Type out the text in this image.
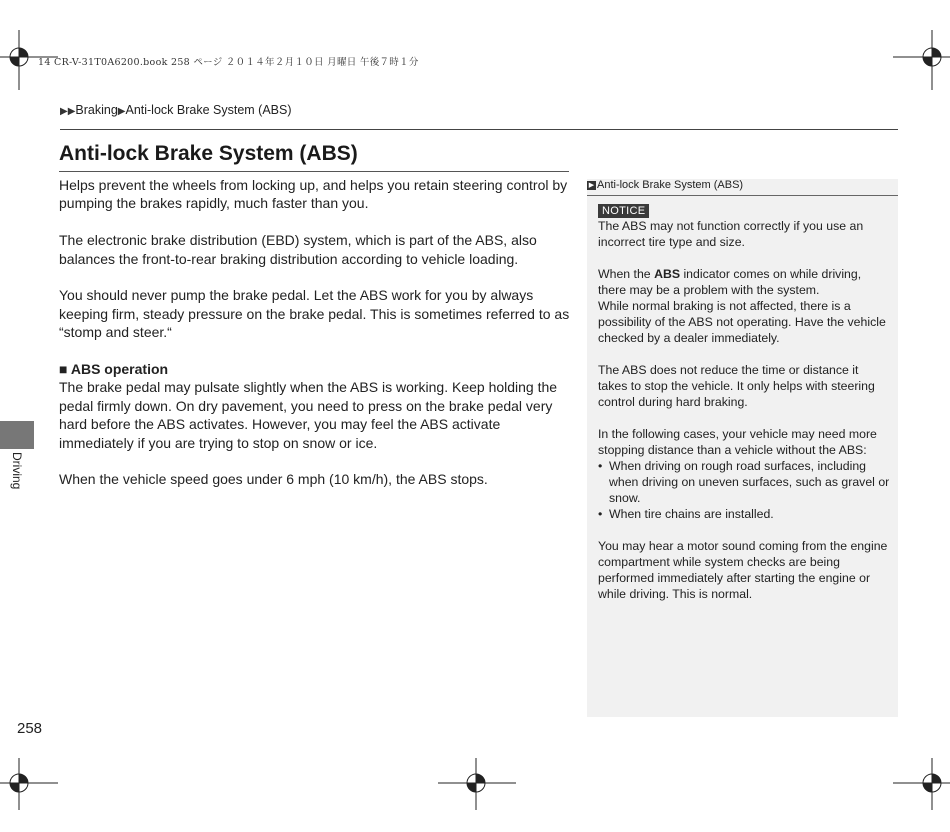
14 CR-V-31T0A6200.book 258 ページ ２０１４年２月１０日 月曜日 午後７時１分
▶▶Braking▶Anti-lock Brake System (ABS)
Anti-lock Brake System (ABS)

Helps prevent the wheels from locking up, and helps you retain steering control by pumping the brakes rapidly, much faster than you.

The electronic brake distribution (EBD) system, which is part of the ABS, also balances the front-to-rear braking distribution according to vehicle loading.

You should never pump the brake pedal. Let the ABS work for you by always keeping firm, steady pressure on the brake pedal. This is sometimes referred to as “stomp and steer.“

■ ABS operation

The brake pedal may pulsate slightly when the ABS is working. Keep holding the pedal firmly down. On dry pavement, you need to press on the brake pedal very hard before the ABS activates. However, you may feel the ABS activate immediately if you are trying to stop on snow or ice.

When the vehicle speed goes under 6 mph (10 km/h), the ABS stops.

Driving
▶ Anti-lock Brake System (ABS)
NOTICE

The ABS may not function correctly if you use an incorrect tire type and size.

When the ABS indicator comes on while driving, there may be a problem with the system.

While normal braking is not affected, there is a possibility of the ABS not operating. Have the vehicle checked by a dealer immediately.

The ABS does not reduce the time or distance it takes to stop the vehicle. It only helps with steering control during hard braking.

In the following cases, your vehicle may need more stopping distance than a vehicle without the ABS:

• When driving on rough road surfaces, including when driving on uneven surfaces, such as gravel or snow.
• When tire chains are installed.

You may hear a motor sound coming from the engine compartment while system checks are being performed immediately after starting the engine or while driving. This is normal.

258
